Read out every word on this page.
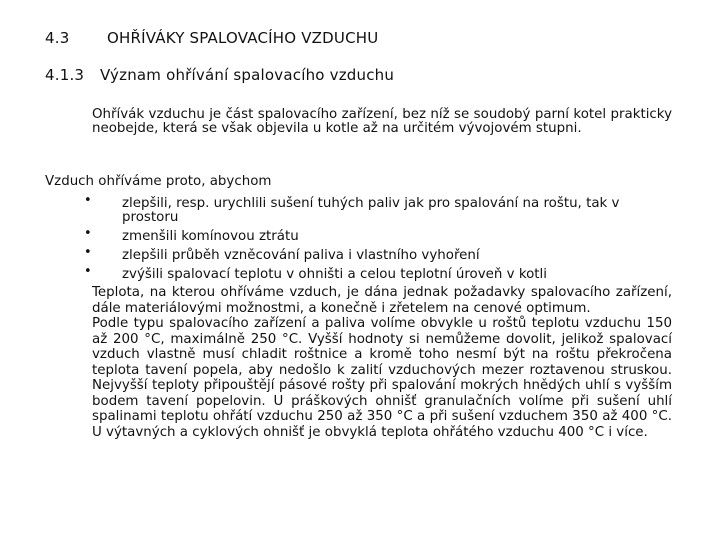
4.3	OHŘÍVÁKY SPALOVACÍHO VZDUCHU
4.1.3 Význam ohřívání spalovacího vzduchu
Ohřívák vzduchu je část spalovacího zařízení, bez níž se soudobý parní kotel prakticky neobejde, která se však objevila u kotle až na určitém vývojovém stupni.
Vzduch ohříváme proto, abychom
• zlepšili, resp. urychlili sušení tuhých paliv jak pro spalování na roštu, tak v prostoru
• zmenšili komínovou ztrátu
• zlepšili průběh vzněcování paliva i vlastního vyhoření
• zvýšili spalovací teplotu v ohništi a celou teplotní úroveň v kotli

Teplota, na kterou ohříváme vzduch, je dána jednak požadavky spalovacího zařízení, dále materiálovými možnostmi, a konečně i zřetelem na cenové optimum.

Podle typu spalovacího zařízení a paliva volíme obvykle u roštů teplotu vzduchu 150 až 200 °C, maximálně 250 °C. Vyšší hodnoty si nemůžeme dovolit, jelikož spalovací vzduch vlastně musí chladit roštnice a kromě toho nesmí být na roštu překročena teplota tavení popela, aby nedošlo k zalití vzduchových mezer roztavenou struskou. Nejvyšší teploty připouštějí pásové rošty při spalování mokrých hnědých uhlí s vyšším bodem tavení popelovin. U práškových ohnišť granulačních volíme při sušení uhlí spalinami teplotu ohřátí vzduchu 250 až 350 °C a při sušení vzduchem 350 až 400 °C. U výtavných a cyklových ohnišť je obvyklá teplota ohřátého vzduchu 400 °C i více.
